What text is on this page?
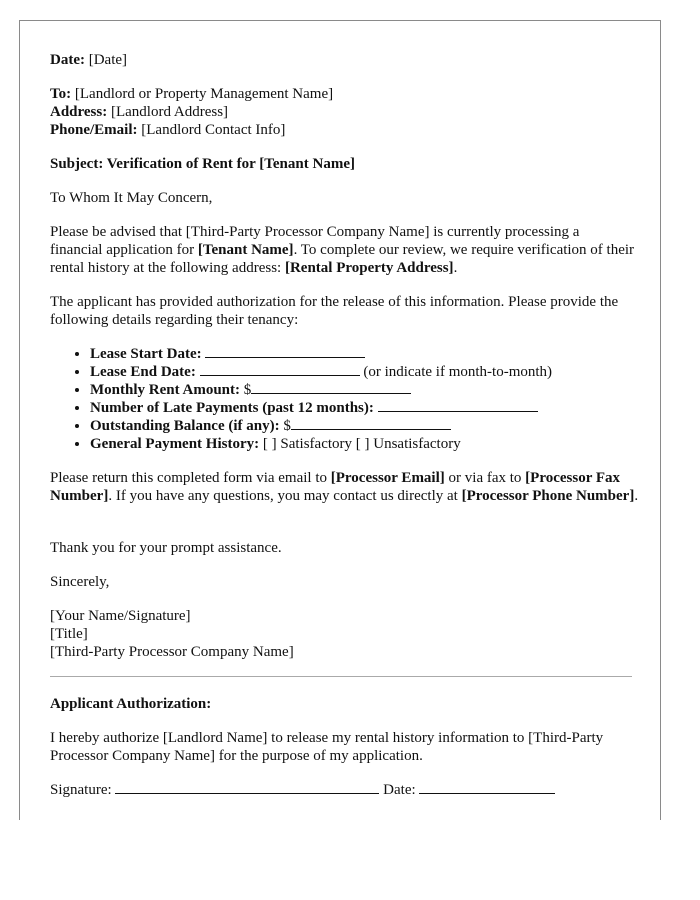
Date: [Date]

To: [Landlord or Property Management Name]

Address: [Landlord Address]

Phone/Email: [Landlord Contact Info]

Subject: Verification of Rent for [Tenant Name]

To Whom It May Concern,

Please be advised that [Third-Party Processor Company Name] is currently processing a financial application for [Tenant Name]. To complete our review, we require verification of their rental history at the following address: [Rental Property Address].

The applicant has provided authorization for the release of this information. Please provide the following details regarding their tenancy:

• Lease Start Date:
• Lease End Date:	(or indicate if month-to-month)
• Monthly Rent Amount: $
• Number of Late Payments (past 12 months):
• Outstanding Balance (if any): $
• General Payment History: [ ] Satisfactory [ ] Unsatisfactory

Please return this completed form via email to [Processor Email] or via fax to [Processor Fax Number]. If you have any questions, you may contact us directly at [Processor Phone Number].

Thank you for your prompt assistance.

Sincerely,

[Your Name/Signature]

[Title]

[Third-Party Processor Company Name]

Applicant Authorization:

I hereby authorize [Landlord Name] to release my rental history information to [Third-Party Processor Company Name] for the purpose of my application.

Signature:	Date:
